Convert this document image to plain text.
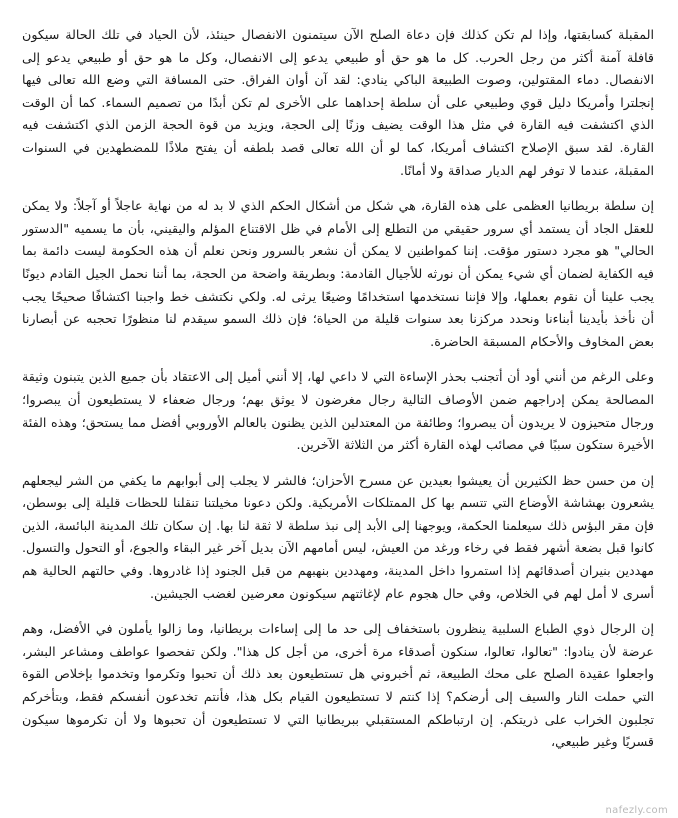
المقبلة كسابقتها، وإذا لم تكن كذلك فإن دعاة الصلح الآن سيتمنون الانفصال حينئذ، لأن الحياد في تلك الحالة سيكون قافلة آمنة أكثر من رجل الحرب. كل ما هو حق أو طبيعي يدعو إلى الانفصال، وكل ما هو حق أو طبيعي يدعو إلى الانفصال. دماء المقتولين، وصوت الطبيعة الباكي ينادي: لقد آن أوان الفراق. حتى المسافة التي وضع الله تعالى فيها إنجلترا وأمريكا دليل قوي وطبيعي على أن سلطة إحداهما على الأخرى لم تكن أبدًا من تصميم السماء. كما أن الوقت الذي اكتشفت فيه القارة في مثل هذا الوقت يضيف وزنًا إلى الحجة، ويزيد من قوة الحجة الزمن الذي اكتشفت فيه القارة. لقد سبق الإصلاح اكتشاف أمريكا، كما لو أن الله تعالى قصد بلطفه أن يفتح ملاذًا للمضطهدين في السنوات المقبلة، عندما لا توفر لهم الديار صداقة ولا أمانًا.

إن سلطة بريطانيا العظمى على هذه القارة، هي شكل من أشكال الحكم الذي لا بد له من نهاية عاجلاً أو آجلاً: ولا يمكن للعقل الجاد أن يستمد أي سرور حقيقي من التطلع إلى الأمام في ظل الاقتناع المؤلم واليقيني، بأن ما يسميه "الدستور الحالي" هو مجرد دستور مؤقت. إننا كمواطنين لا يمكن أن نشعر بالسرور ونحن نعلم أن هذه الحكومة ليست دائمة بما فيه الكفاية لضمان أي شيء يمكن أن نورثه للأجيال القادمة: وبطريقة واضحة من الحجة، بما أننا نحمل الجيل القادم ديونًا يجب علينا أن نقوم بعملها، وإلا فإننا نستخدمها استخدامًا وضيعًا يرثى له. ولكي نكتشف خط واجبنا اكتشافًا صحيحًا يجب أن نأخذ بأيدينا أبناءنا ونحدد مركزنا بعد سنوات قليلة من الحياة؛ فإن ذلك السمو سيقدم لنا منظورًا تحجبه عن أبصارنا بعض المخاوف والأحكام المسبقة الحاضرة.

وعلى الرغم من أنني أود أن أتجنب بحذر الإساءة التي لا داعي لها، إلا أنني أميل إلى الاعتقاد بأن جميع الذين يتبنون وثيقة المصالحة يمكن إدراجهم ضمن الأوصاف التالية رجال مغرضون لا يوثق بهم؛ ورجال ضعفاء لا يستطيعون أن يبصروا؛ ورجال متحيزون لا يريدون أن يبصروا؛ وطائفة من المعتدلين الذين يظنون بالعالم الأوروبي أفضل مما يستحق؛ وهذه الفئة الأخيرة ستكون سببًا في مصائب لهذه القارة أكثر من الثلاثة الآخرين.

إن من حسن حظ الكثيرين أن يعيشوا بعيدين عن مسرح الأحزان؛ فالشر لا يجلب إلى أبوابهم ما يكفي من الشر ليجعلهم يشعرون بهشاشة الأوضاع التي تتسم بها كل الممتلكات الأمريكية. ولكن دعونا مخيلتنا تنقلنا للحظات قليلة إلى بوسطن، فإن مقر البؤس ذلك سيعلمنا الحكمة، ويوجهنا إلى الأبد إلى نبذ سلطة لا ثقة لنا بها. إن سكان تلك المدينة البائسة، الذين كانوا قبل بضعة أشهر فقط في رخاء ورغد من العيش، ليس أمامهم الآن بديل آخر غير البقاء والجوع، أو التحول والتسول. مهددين بنيران أصدقائهم إذا استمروا داخل المدينة، ومهددين بنهبهم من قبل الجنود إذا غادروها. وفي حالتهم الحالية هم أسرى لا أمل لهم في الخلاص، وفي حال هجوم عام لإغاثتهم سيكونون معرضين لغضب الجيشين.

إن الرجال ذوي الطباع السلبية ينظرون باستخفاف إلى حد ما إلى إساءات بريطانيا، وما زالوا يأملون في الأفضل، وهم عرضة لأن ينادوا: "تعالوا، تعالوا، سنكون أصدقاء مرة أخرى، من أجل كل هذا". ولكن تفحصوا عواطف ومشاعر البشر، واجعلوا عقيدة الصلح على محك الطبيعة، ثم أخبروني هل تستطيعون بعد ذلك أن تحبوا وتكرموا وتخدموا بإخلاص القوة التي حملت النار والسيف إلى أرضكم؟ إذا كنتم لا تستطيعون القيام بكل هذا، فأنتم تخدعون أنفسكم فقط، وبتأخركم تجلبون الخراب على ذريتكم. إن ارتباطكم المستقبلي ببريطانيا التي لا تستطيعون أن تحبوها ولا أن تكرموها سيكون قسريًا وغير طبيعي،

nafezly.com
